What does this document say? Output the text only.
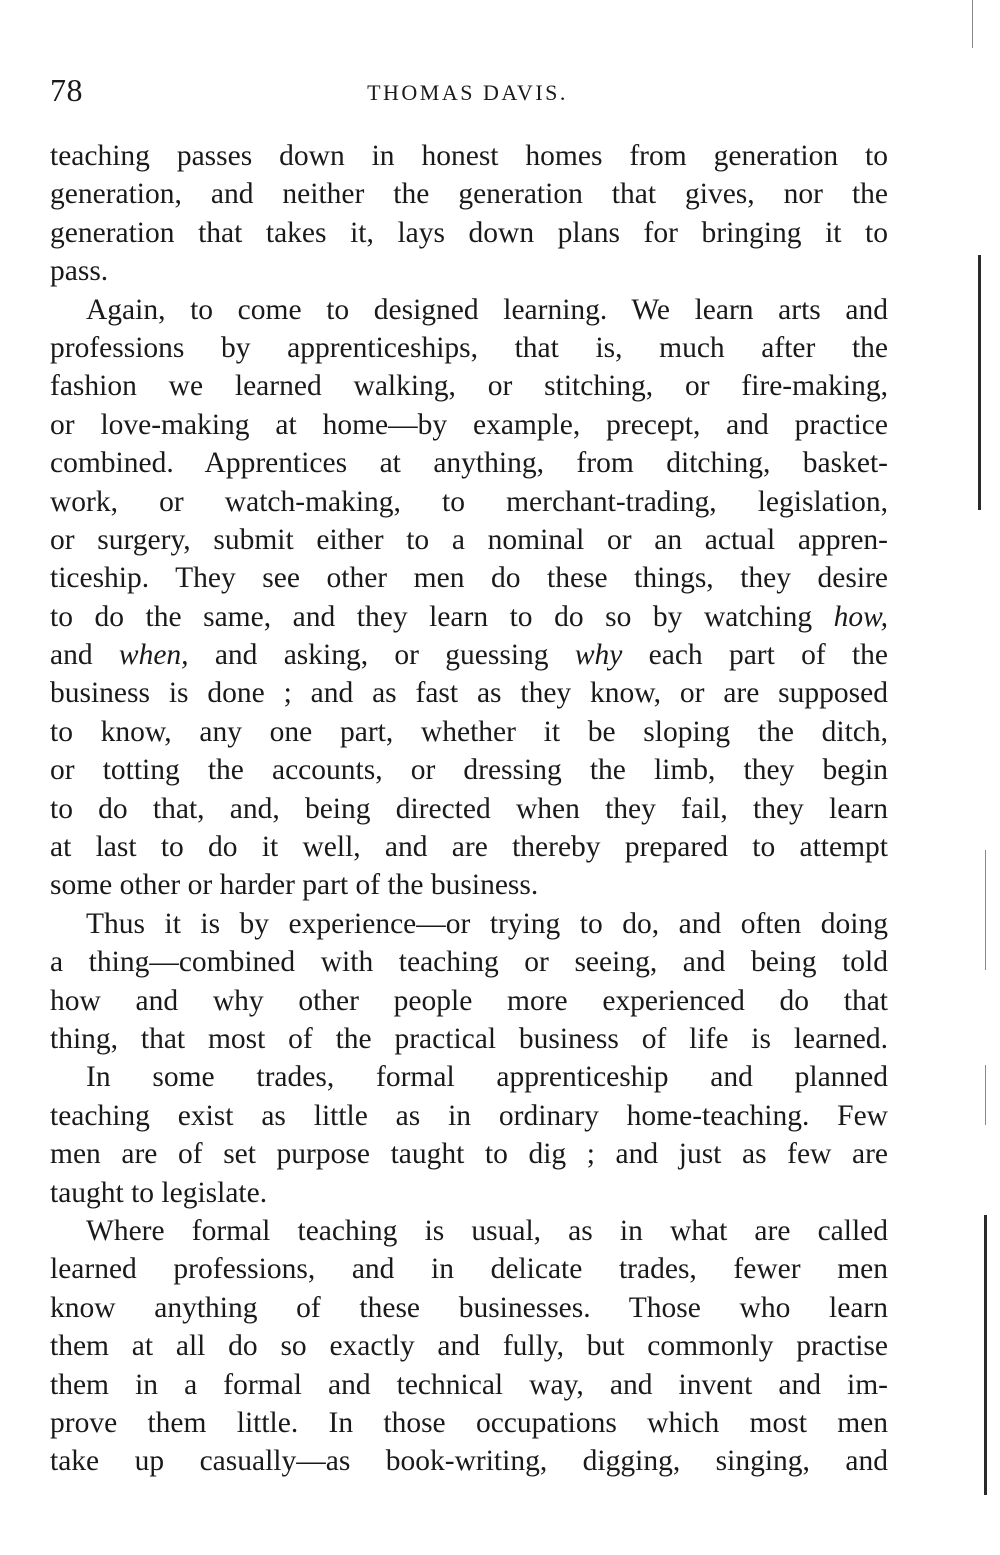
78	THOMAS DAVIS.
teaching passes down in honest homes from generation to
generation, and neither the generation that gives, nor the
generation that takes it, lays down plans for bringing it to
pass.
Again, to come to designed learning. We learn arts and
professions by apprenticeships, that is, much after the
fashion we learned walking, or stitching, or fire-making,
or love-making at home—by example, precept, and practice
combined. Apprentices at anything, from ditching, basket-
work, or watch-making, to merchant-trading, legislation,
or surgery, submit either to a nominal or an actual appren-
ticeship. They see other men do these things, they desire
to do the same, and they learn to do so by watching how,
and when, and asking, or guessing why each part of the
business is done ; and as fast as they know, or are supposed
to know, any one part, whether it be sloping the ditch,
or totting the accounts, or dressing the limb, they begin
to do that, and, being directed when they fail, they learn
at last to do it well, and are thereby prepared to attempt
some other or harder part of the business.
Thus it is by experience—or trying to do, and often doing
a thing—combined with teaching or seeing, and being told
how and why other people more experienced do that
thing, that most of the practical business of life is learned.
In some trades, formal apprenticeship and planned
teaching exist as little as in ordinary home-teaching. Few
men are of set purpose taught to dig ; and just as few are
taught to legislate.
Where formal teaching is usual, as in what are called
learned professions, and in delicate trades, fewer men
know anything of these businesses. Those who learn
them at all do so exactly and fully, but commonly practise
them in a formal and technical way, and invent and im-
prove them little. In those occupations which most men
take up casually—as book-writing, digging, singing, and
